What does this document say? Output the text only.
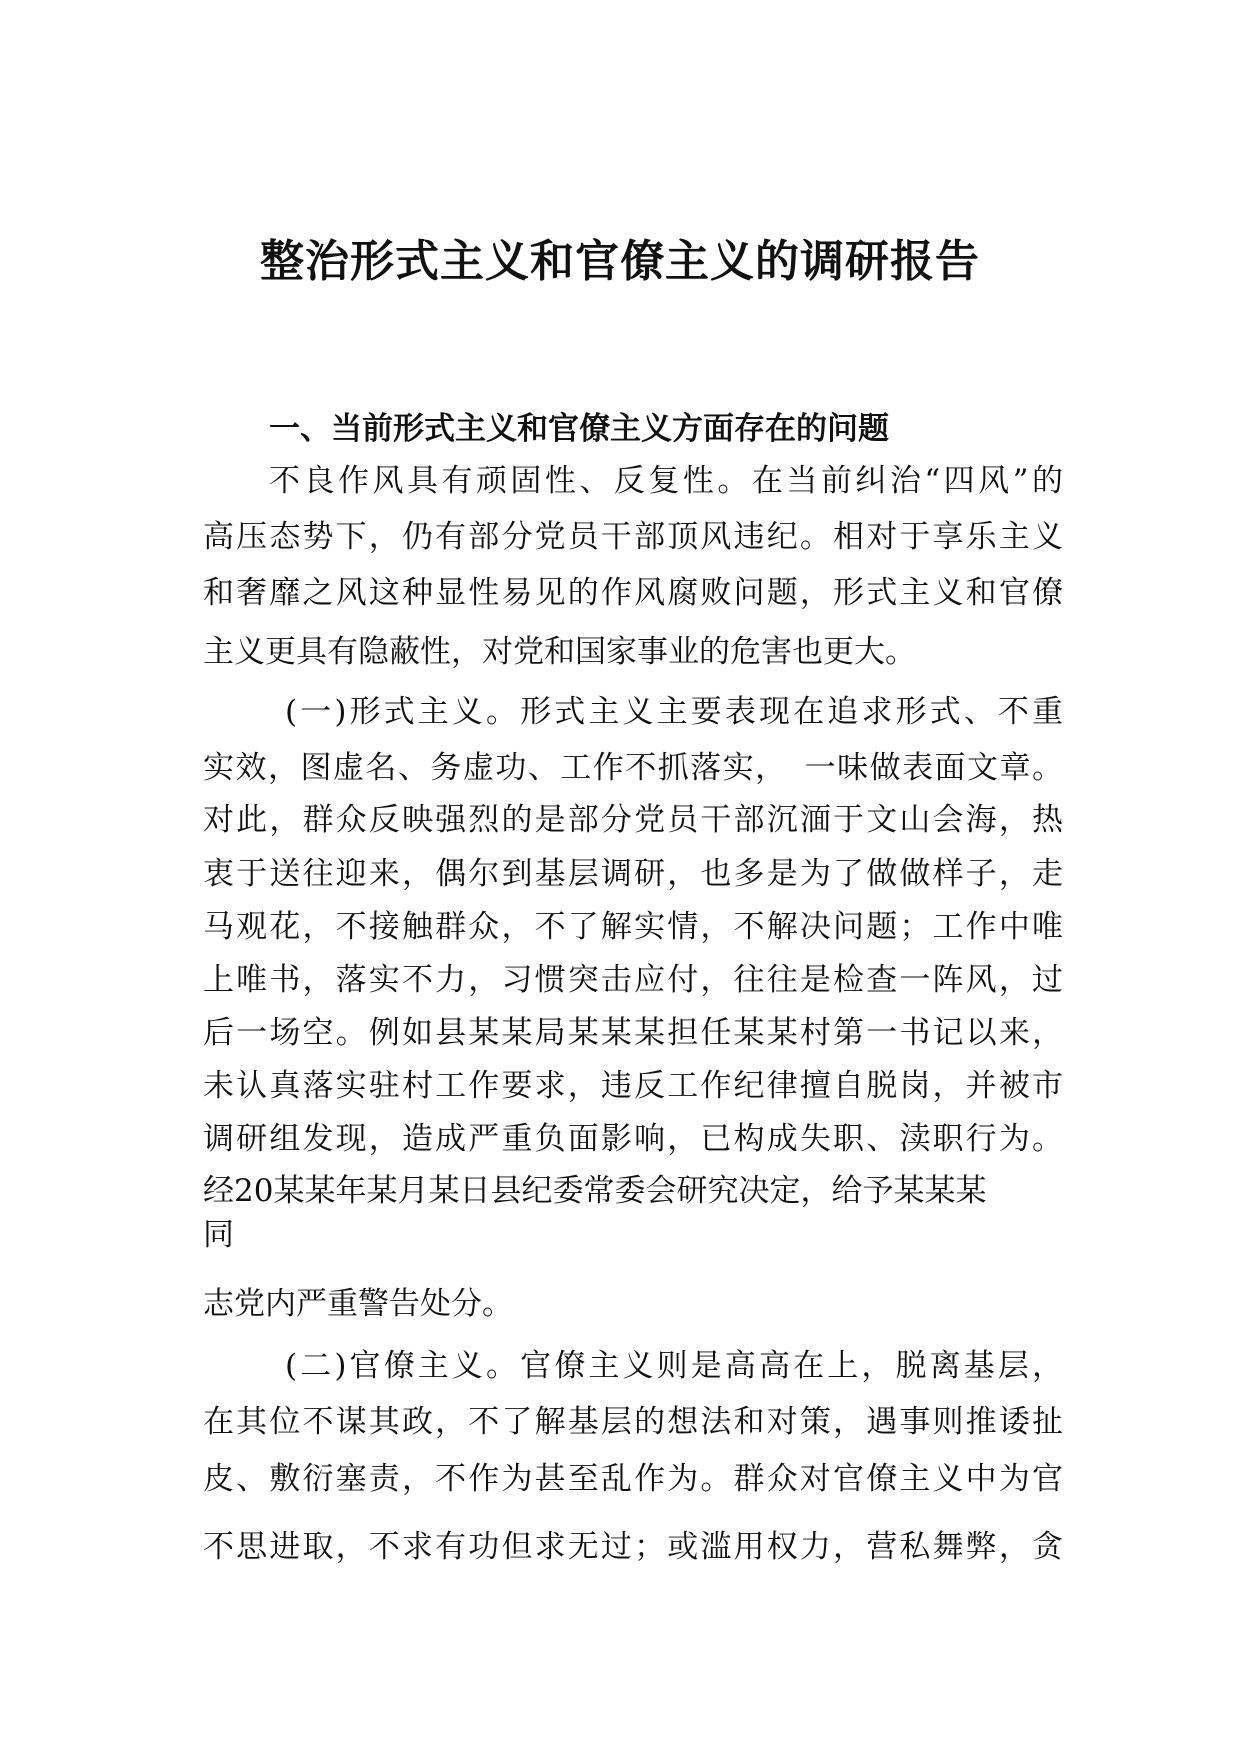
整治形式主义和官僚主义的调研报告
一、当前形式主义和官僚主义方面存在的问题

不良作风具有顽固性、反复性。在当前纠治“四风”的

高压态势下，仍有部分党员干部顶风违纪。相对于享乐主义

和奢靡之风这种显性易见的作风腐败问题，形式主义和官僚

主义更具有隐蔽性，对党和国家事业的危害也更大。

(一)形式主义。形式主义主要表现在追求形式、不重

实效，图虚名、务虚功、工作不抓落实，　一味做表面文章。

对此，群众反映强烈的是部分党员干部沉湎于文山会海，热

衷于送往迎来，偶尔到基层调研，也多是为了做做样子，走

马观花，不接触群众，不了解实情，不解决问题；工作中唯

上唯书，落实不力，习惯突击应付，往往是检查一阵风，过

后一场空。例如县某某局某某某担任某某村第一书记以来，

未认真落实驻村工作要求，违反工作纪律擅自脱岗，并被市

调研组发现，造成严重负面影响，已构成失职、渎职行为。

经20某某年某月某日县纪委常委会研究决定，给予某某某

同

志党内严重警告处分。

(二)官僚主义。官僚主义则是高高在上，脱离基层，

在其位不谋其政，不了解基层的想法和对策，遇事则推诿扯

皮、敷衍塞责，不作为甚至乱作为。群众对官僚主义中为官

不思进取，不求有功但求无过；或滥用权力，营私舞弊，贪
